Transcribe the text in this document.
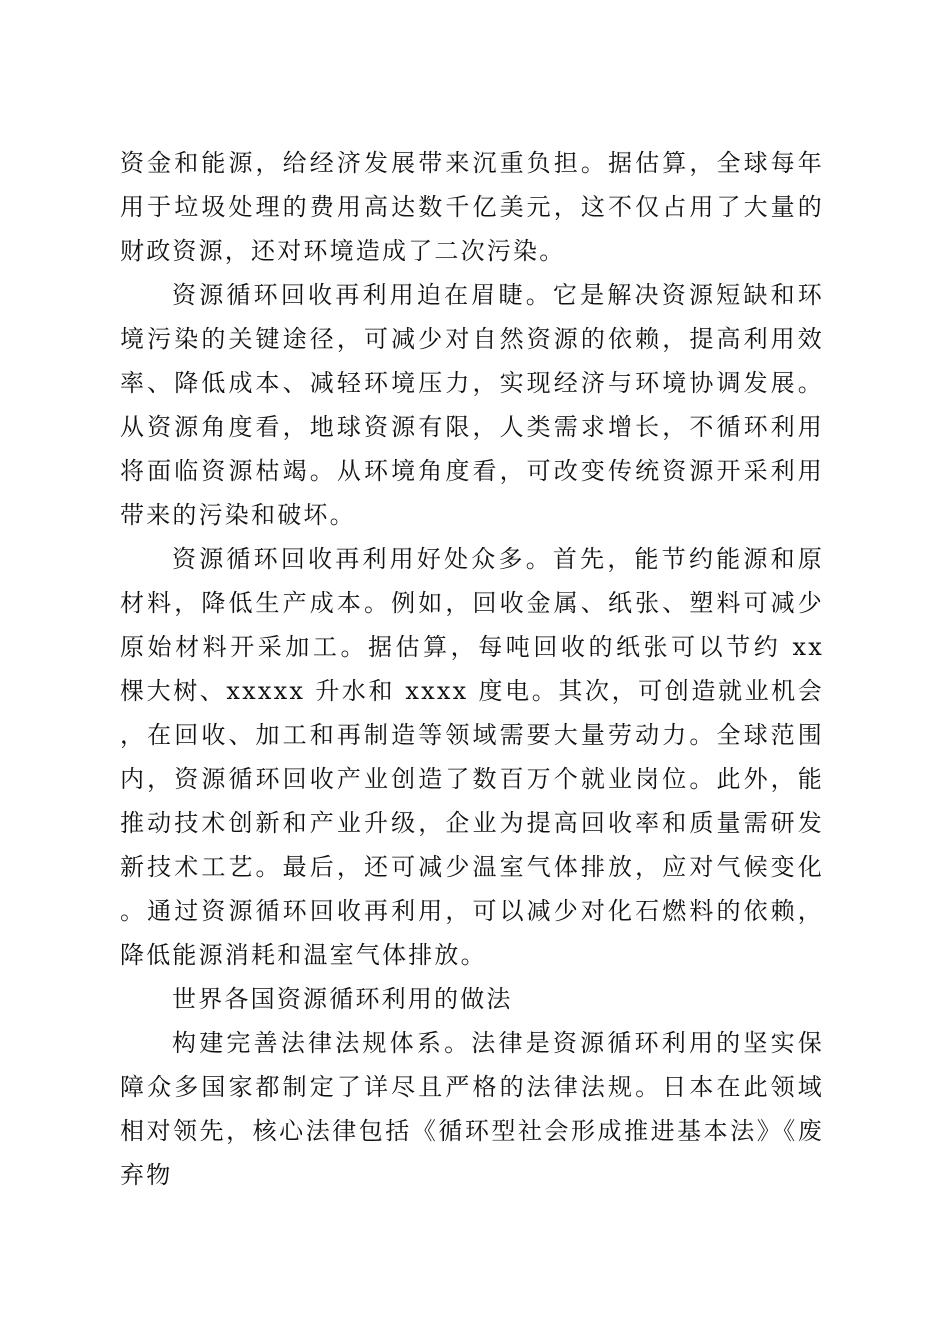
资金和能源，给经济发展带来沉重负担。据估算，全球每年用于垃圾处理的费用高达数千亿美元，这不仅占用了大量的财政资源，还对环境造成了二次污染。

资源循环回收再利用迫在眉睫。它是解决资源短缺和环境污染的关键途径，可减少对自然资源的依赖，提高利用效率、降低成本、减轻环境压力，实现经济与环境协调发展。从资源角度看，地球资源有限，人类需求增长，不循环利用将面临资源枯竭。从环境角度看，可改变传统资源开采利用带来的污染和破坏。

资源循环回收再利用好处众多。首先，能节约能源和原材料，降低生产成本。例如，回收金属、纸张、塑料可减少原始材料开采加工。据估算，每吨回收的纸张可以节约 xx 棵大树、xxxxx 升水和 xxxx 度电。其次，可创造就业机会，在回收、加工和再制造等领域需要大量劳动力。全球范围内，资源循环回收产业创造了数百万个就业岗位。此外，能推动技术创新和产业升级，企业为提高回收率和质量需研发新技术工艺。最后，还可减少温室气体排放，应对气候变化。通过资源循环回收再利用，可以减少对化石燃料的依赖，降低能源消耗和温室气体排放。

世界各国资源循环利用的做法

构建完善法律法规体系。法律是资源循环利用的坚实保障众多国家都制定了详尽且严格的法律法规。日本在此领域相对领先，核心法律包括《循环型社会形成推进基本法》《废弃物
